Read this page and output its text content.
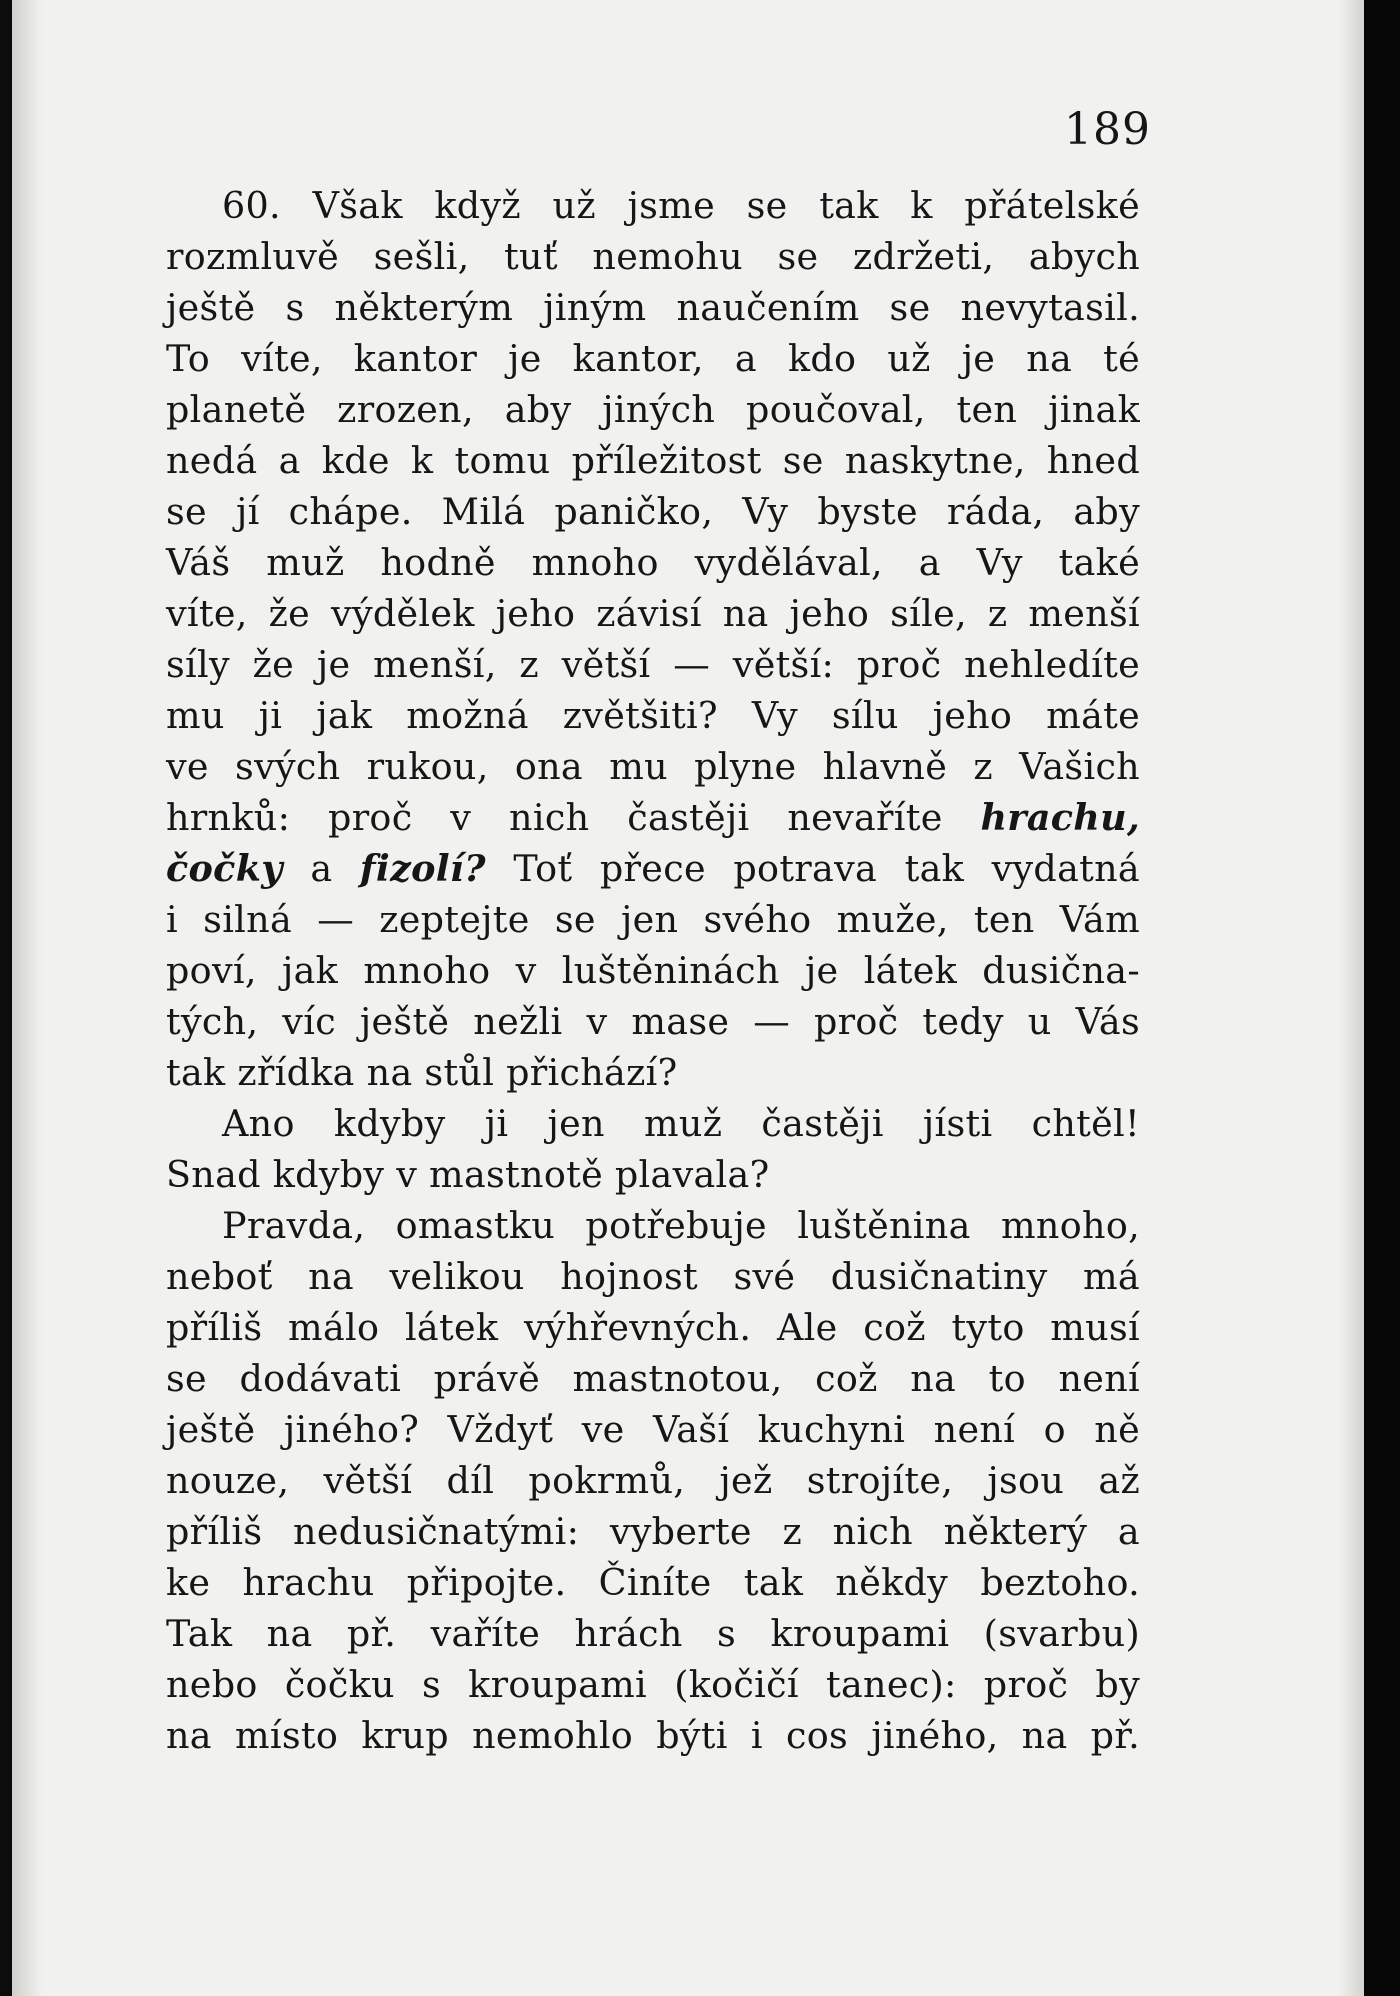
189
60. Však když už jsme se tak k přátelské
rozmluvě sešli, tuť nemohu se zdržeti, abych
ještě s některým jiným naučením se nevytasil.
To víte, kantor je kantor, a kdo už je na té
planetě zrozen, aby jiných poučoval, ten jinak
nedá a kde k tomu příležitost se naskytne, hned
se jí chápe. Milá paničko, Vy byste ráda, aby
Váš muž hodně mnoho vydělával, a Vy také
víte, že výdělek jeho závisí na jeho síle, z menší
síly že je menší, z větší — větší: proč nehledíte
mu ji jak možná zvětšiti? Vy sílu jeho máte
ve svých rukou, ona mu plyne hlavně z Vašich
hrnků: proč v nich častěji nevaříte hrachu,
čočky a fizolí? Toť přece potrava tak vydatná
i silná — zeptejte se jen svého muže, ten Vám
poví, jak mnoho v luštěninách je látek dusična-
tých, víc ještě nežli v mase — proč tedy u Vás
tak zřídka na stůl přichází?
Ano kdyby ji jen muž častěji jísti chtěl!
Snad kdyby v mastnotě plavala?
Pravda, omastku potřebuje luštěnina mnoho,
neboť na velikou hojnost své dusičnatiny má
příliš málo látek výhřevných. Ale což tyto musí
se dodávati právě mastnotou, což na to není
ještě jiného? Vždyť ve Vaší kuchyni není o ně
nouze, větší díl pokrmů, jež strojíte, jsou až
příliš nedusičnatými: vyberte z nich některý a
ke hrachu připojte. Činíte tak někdy beztoho.
Tak na př. vaříte hrách s kroupami (svarbu)
nebo čočku s kroupami (kočičí tanec): proč by
na místo krup nemohlo býti i cos jiného, na př.
